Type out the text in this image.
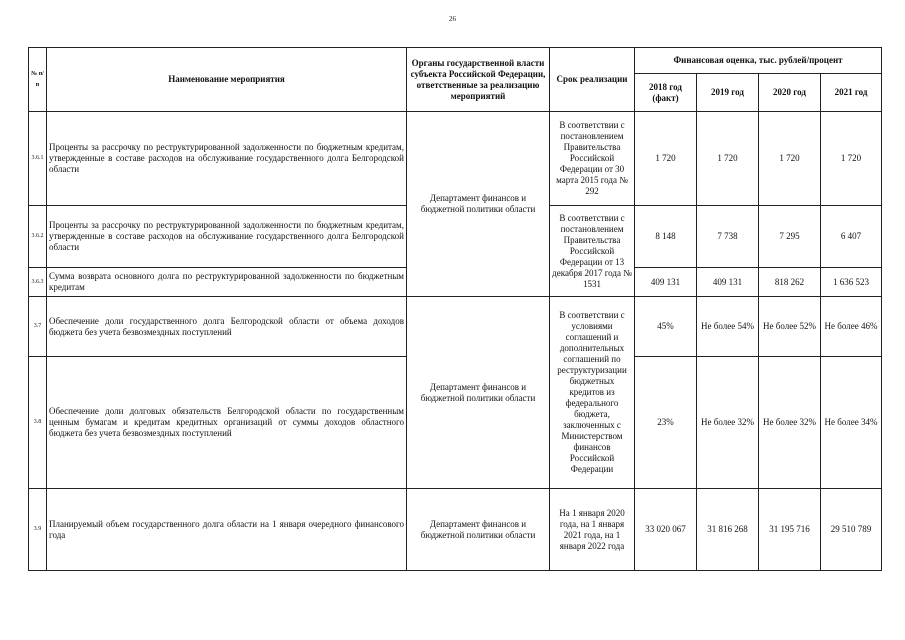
26
№ п/п	Наименование мероприятия	Органы государственной власти субъекта Российской Федерации, ответственные за реализацию мероприятий	Срок реализации	Финансовая оценка, тыс. рублей/процент			
				2018 год (факт)	2019 год	2020 год	2021 год
3.6.1	Проценты за рассрочку по реструктурированной задолженности по бюджетным кредитам, утвержденные в составе расходов на обслуживание государственного долга Белгородской области	Департамент финансов и бюджетной политики области	В соответствии с постановлением Правительства Российской Федерации от 30 марта 2015 года № 292	1 720	1 720	1 720	1 720
3.6.2	Проценты за рассрочку по реструктурированной задолженности по бюджетным кредитам, утвержденные в составе расходов на обслуживание государственного долга Белгородской области		В соответствии с постановлением Правительства Российской Федерации от 13 декабря 2017 года № 1531	8 148	7 738	7 295	6 407
3.6.3	Сумма возврата основного долга по реструктурированной задолженности по бюджетным кредитам			409 131	409 131	818 262	1 636 523
3.7	Обеспечение доли государственного долга Белгородской области от объема доходов бюджета без учета безвозмездных поступлений	Департамент финансов и бюджетной политики области	В соответствии с условиями соглашений и дополнительных соглашений по реструктуризации бюджетных кредитов из федерального бюджета, заключенных с Министерством финансов Российской Федерации	45%	Не более 54%	Не более 52%	Не более 46%
3.8	Обеспечение доли долговых обязательств Белгородской области по государственным ценным бумагам и кредитам кредитных организаций от суммы доходов областного бюджета без учета безвозмездных поступлений			23%	Не более 32%	Не более 32%	Не более 34%
3.9	Планируемый объем государственного долга области на 1 января очередного финансового года	Департамент финансов и бюджетной политики области	На 1 января 2020 года, на 1 января 2021 года, на 1 января 2022 года	33 020 067	31 816 268	31 195 716	29 510 789
